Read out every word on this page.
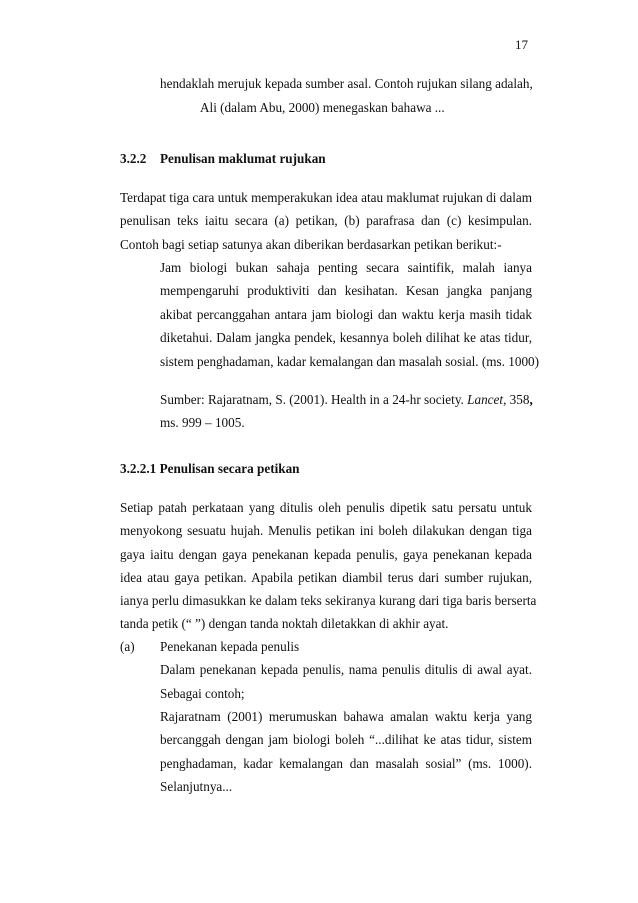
17
hendaklah merujuk kepada sumber asal. Contoh rujukan silang adalah,
Ali (dalam Abu, 2000) menegaskan bahawa ...
3.2.2 Penulisan maklumat rujukan
Terdapat tiga cara untuk memperakukan idea atau maklumat rujukan di dalam
penulisan teks iaitu secara (a) petikan, (b) parafrasa dan (c) kesimpulan.
Contoh bagi setiap satunya akan diberikan berdasarkan petikan berikut:-
Jam biologi bukan sahaja penting secara saintifik, malah ianya
mempengaruhi produktiviti dan kesihatan. Kesan jangka panjang
akibat percanggahan antara jam biologi dan waktu kerja masih tidak
diketahui. Dalam jangka pendek, kesannya boleh dilihat ke atas tidur,
sistem penghadaman, kadar kemalangan dan masalah sosial. (ms. 1000)
Sumber: Rajaratnam, S. (2001). Health in a 24-hr society. Lancet, 358,
ms. 999 – 1005.
3.2.2.1 Penulisan secara petikan
Setiap patah perkataan yang ditulis oleh penulis dipetik satu persatu untuk
menyokong sesuatu hujah. Menulis petikan ini boleh dilakukan dengan tiga
gaya iaitu dengan gaya penekanan kepada penulis, gaya penekanan kepada
idea atau gaya petikan. Apabila petikan diambil terus dari sumber rujukan,
ianya perlu dimasukkan ke dalam teks sekiranya kurang dari tiga baris berserta
tanda petik (“ ”) dengan tanda noktah diletakkan di akhir ayat.
(a) Penekanan kepada penulis
Dalam penekanan kepada penulis, nama penulis ditulis di awal ayat.
Sebagai contoh;
Rajaratnam (2001) merumuskan bahawa amalan waktu kerja yang
bercanggah dengan jam biologi boleh “...dilihat ke atas tidur, sistem
penghadaman, kadar kemalangan dan masalah sosial” (ms. 1000).
Selanjutnya...
